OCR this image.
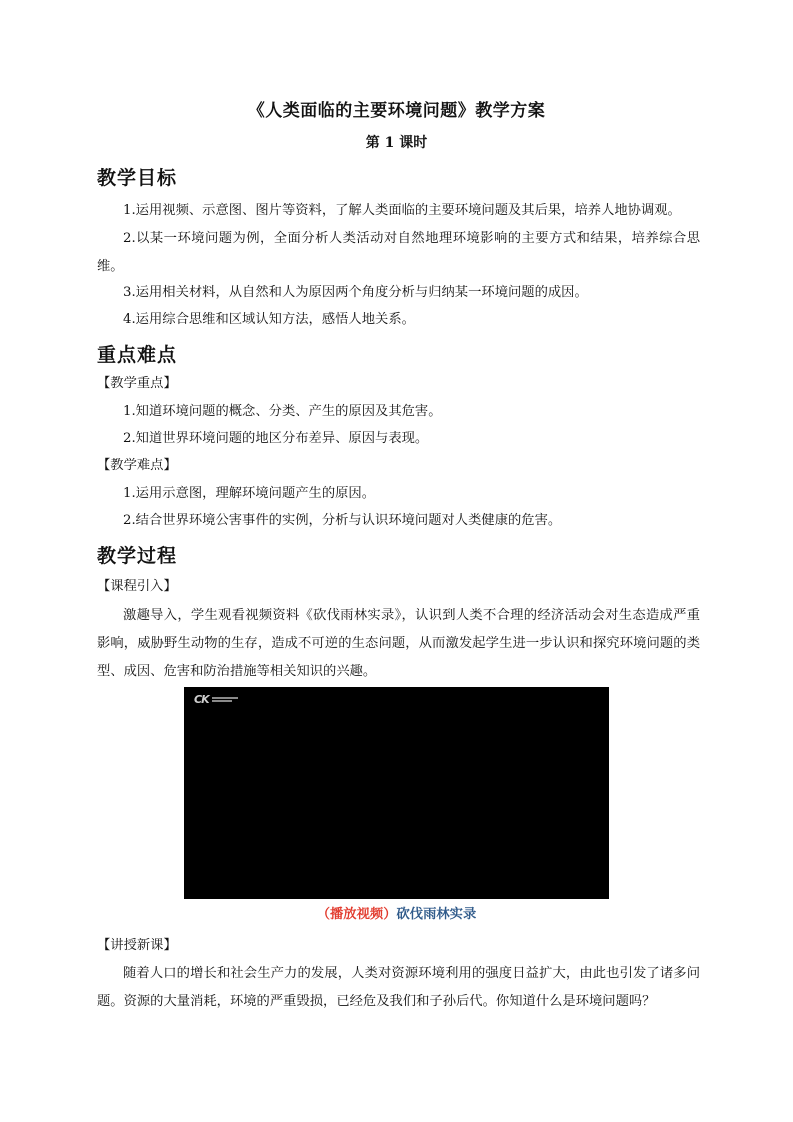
《人类面临的主要环境问题》教学方案
第 1 课时
教学目标
1.运用视频、示意图、图片等资料，了解人类面临的主要环境问题及其后果，培养人地协调观。
2.以某一环境问题为例，全面分析人类活动对自然地理环境影响的主要方式和结果，培养综合思维。
3.运用相关材料，从自然和人为原因两个角度分析与归纳某一环境问题的成因。
4.运用综合思维和区域认知方法，感悟人地关系。
重点难点
【教学重点】
1.知道环境问题的概念、分类、产生的原因及其危害。
2.知道世界环境问题的地区分布差异、原因与表现。
【教学难点】
1.运用示意图，理解环境问题产生的原因。
2.结合世界环境公害事件的实例，分析与认识环境问题对人类健康的危害。
教学过程
【课程引入】
激趣导入，学生观看视频资料《砍伐雨林实录》，认识到人类不合理的经济活动会对生态造成严重影响，威胁野生动物的生存，造成不可逆的生态问题，从而激发起学生进一步认识和探究环境问题的类型、成因、危害和防治措施等相关知识的兴趣。
CK
（播放视频）砍伐雨林实录
【讲授新课】
随着人口的增长和社会生产力的发展，人类对资源环境利用的强度日益扩大，由此也引发了诸多问题。资源的大量消耗，环境的严重毁损，已经危及我们和子孙后代。你知道什么是环境问题吗？
